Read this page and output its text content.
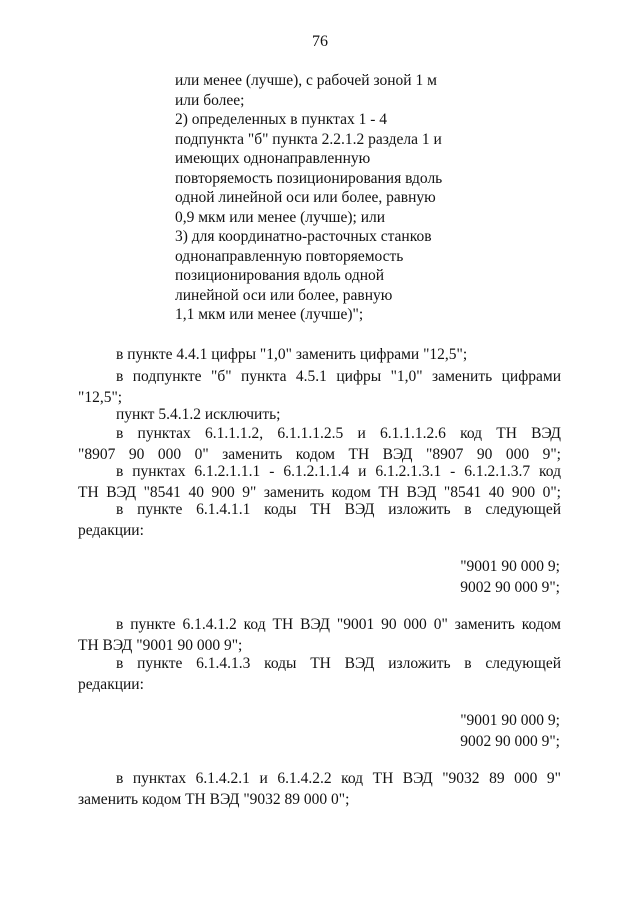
76
или менее (лучше), с рабочей зоной 1 м
или более;
2) определенных в пунктах 1 - 4
подпункта "б" пункта 2.2.1.2 раздела 1 и
имеющих однонаправленную
повторяемость позиционирования вдоль
одной линейной оси или более, равную
0,9 мкм или менее (лучше); или
3) для координатно-расточных станков
однонаправленную повторяемость
позиционирования вдоль одной
линейной оси или более, равную
1,1 мкм или менее (лучше)";
в пункте 4.4.1 цифры "1,0" заменить цифрами "12,5";
в подпункте "б" пункта 4.5.1 цифры "1,0" заменить цифрами
"12,5";
пункт 5.4.1.2 исключить;
в пунктах 6.1.1.1.2, 6.1.1.1.2.5 и 6.1.1.1.2.6 код ТН ВЭД
"8907 90 000 0" заменить кодом ТН ВЭД "8907 90 000 9";
в пунктах 6.1.2.1.1.1 - 6.1.2.1.1.4 и 6.1.2.1.3.1 - 6.1.2.1.3.7 код
ТН ВЭД "8541 40 900 9" заменить кодом ТН ВЭД "8541 40 900 0";
в пункте 6.1.4.1.1 коды ТН ВЭД изложить в следующей
редакции:
"9001 90 000 9;
9002 90 000 9";
в пункте 6.1.4.1.2 код ТН ВЭД "9001 90 000 0" заменить кодом
ТН ВЭД "9001 90 000 9";
в пункте 6.1.4.1.3 коды ТН ВЭД изложить в следующей
редакции:
"9001 90 000 9;
9002 90 000 9";
в пунктах 6.1.4.2.1 и 6.1.4.2.2 код ТН ВЭД "9032 89 000 9"
заменить кодом ТН ВЭД "9032 89 000 0";
